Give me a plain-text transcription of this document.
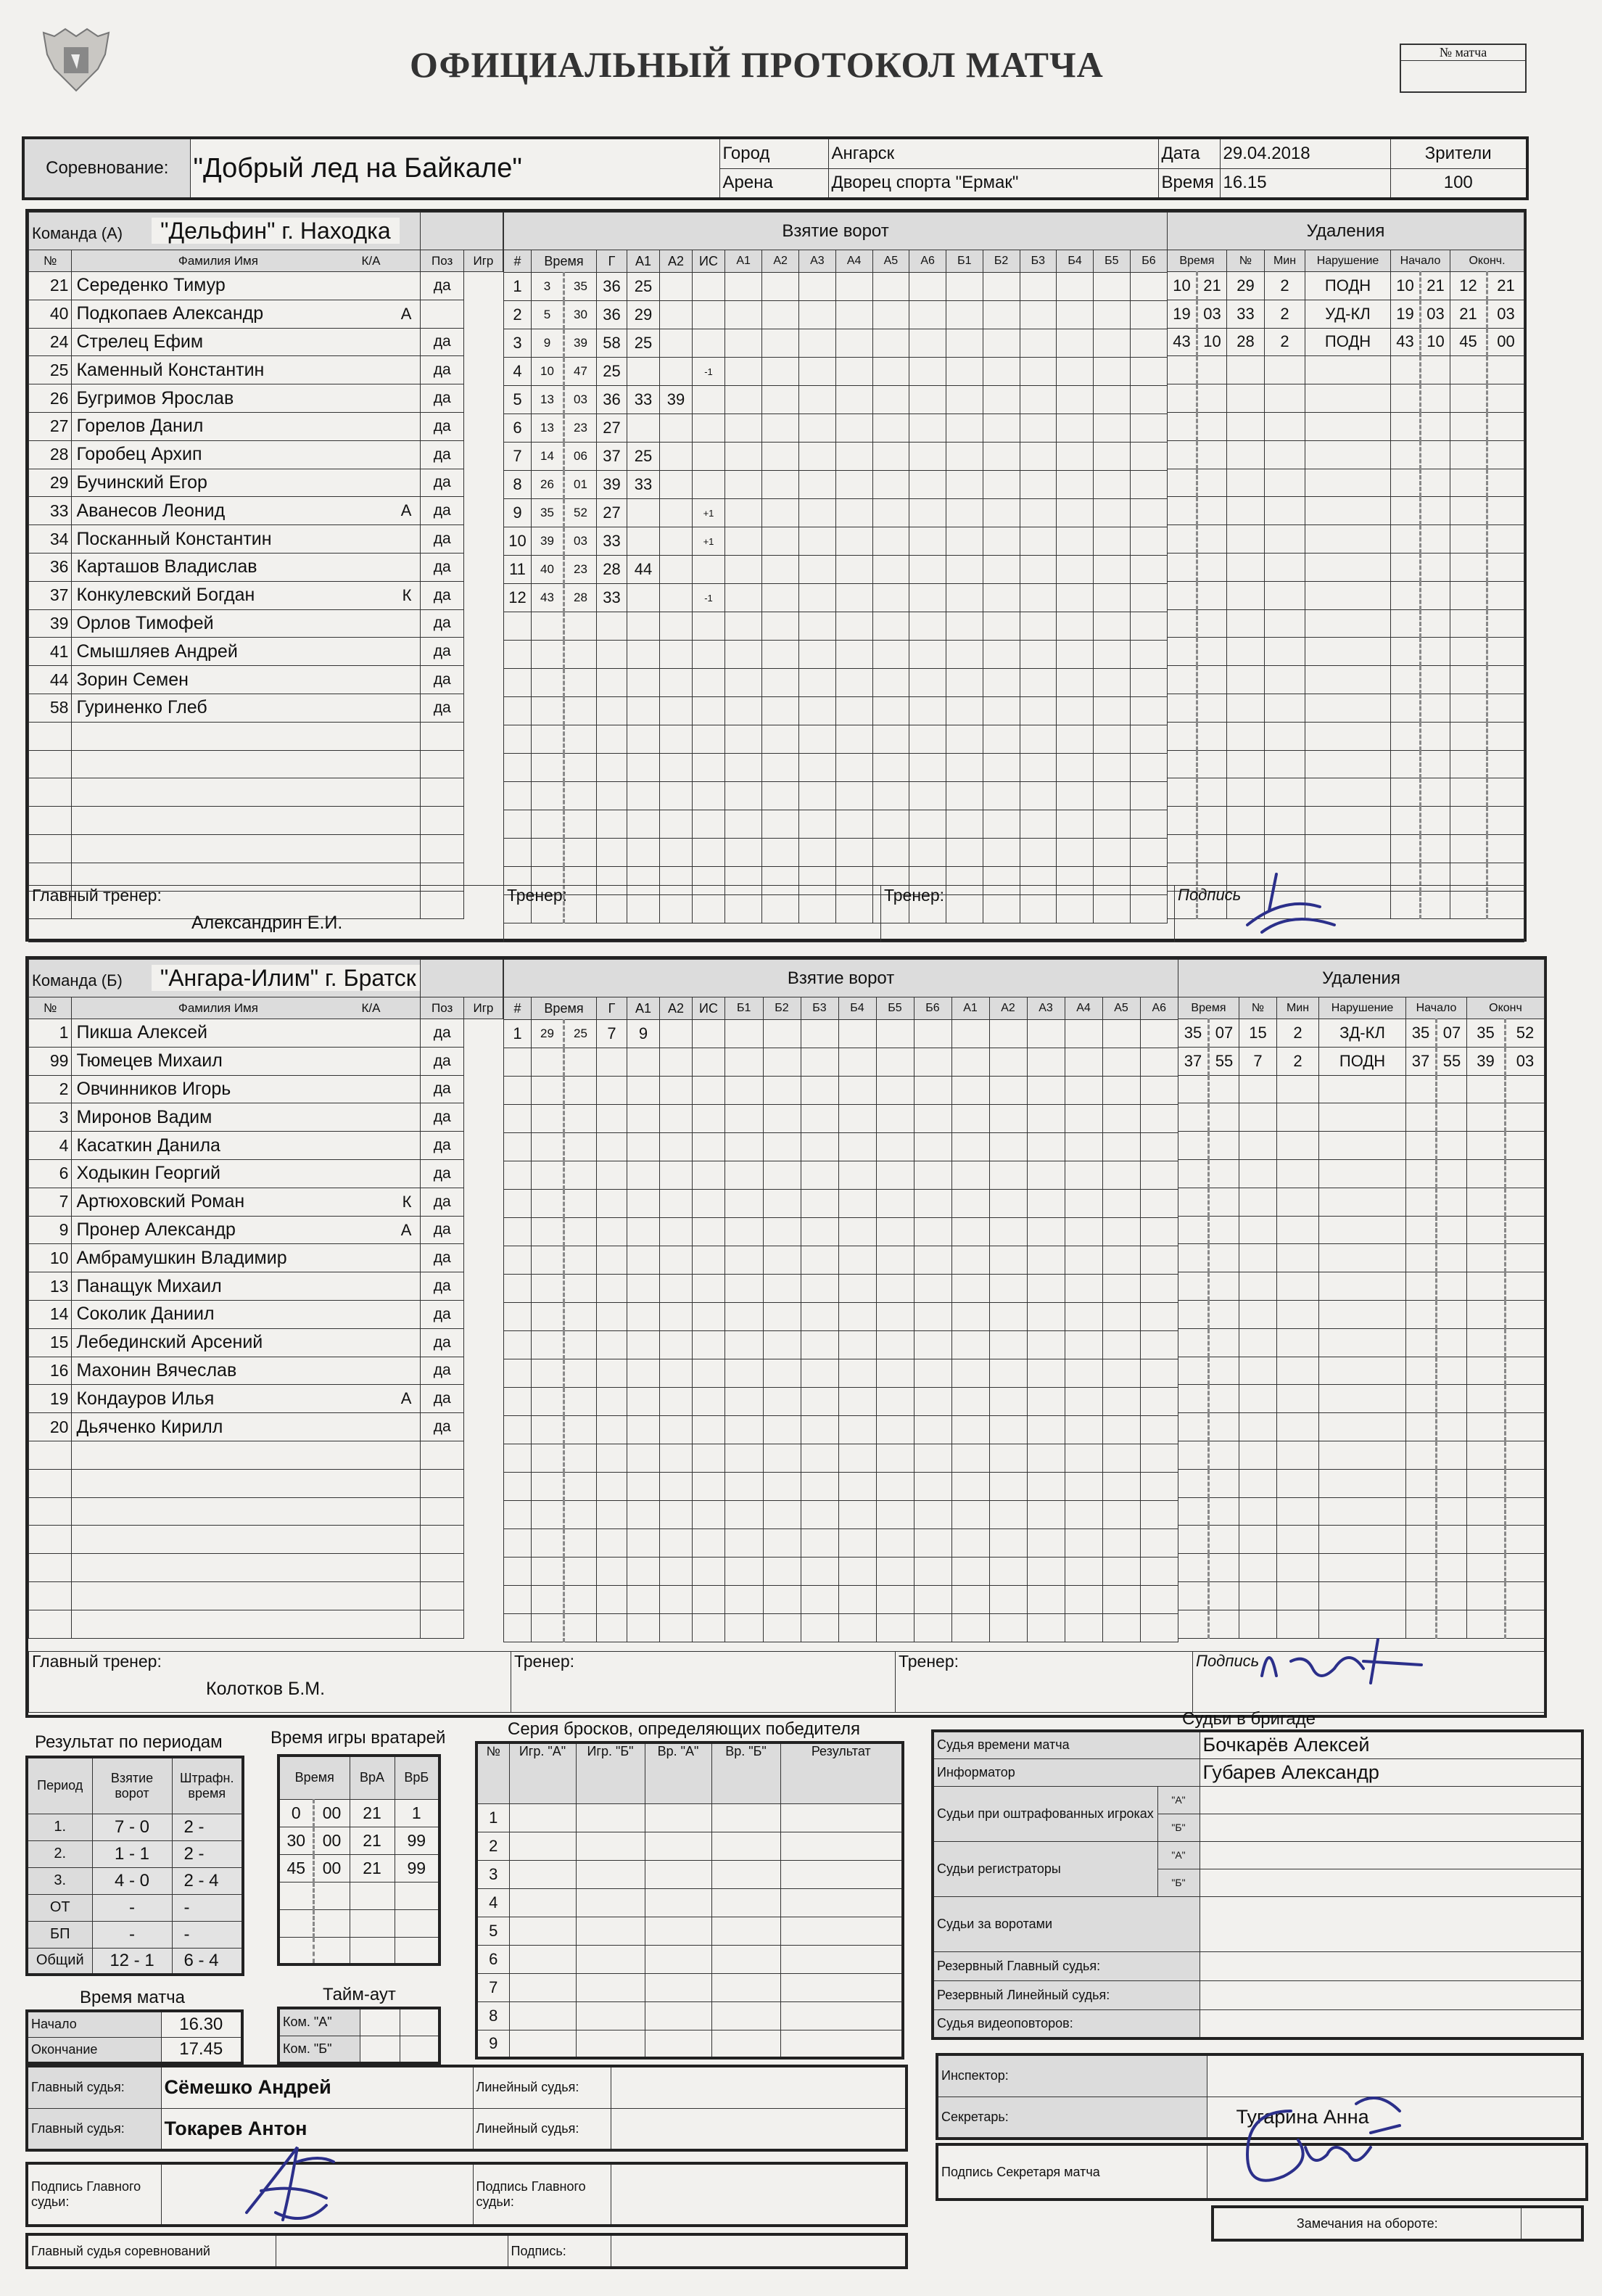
ОФИЦИАЛЬНЫЙ ПРОТОКОЛ МАТЧА	№ матча
Соревнование:	"Добрый лед на Байкале"	Город	Ангарск	Дата	29.04.2018	Зрители
		Арена	Дворец спорта "Ермак"	Время	16.15	100
Команда (А) "Дельфин" г. Находка			
№	Фамилия Имя К/А		Поз	Игр
21	Середенко Тимур		да	
40	Подкопаев Александр А

24	Стрелец Ефим		да	
25	Каменный Константин		да	
26	Бугримов Ярослав		да	
27	Горелов Данил		да	
28	Горобец Архип		да	
29	Бучинский Егор		да	
33	Аванесов Леонид А		да	
34	Посканный Константин		да	
36	Карташов Владислав		да	
37	Конкулевский Богдан К		да	
39	Орлов Тимофей		да	
41	Смышляев Андрей		да	
44	Зорин Семен		да	
58	Гуриненко Глеб		да	

Взятие ворот
#	Время	Г	А1	А2	ИС	А1	А2	А3	А4	А5	А6	Б1	Б2	Б3	Б4	Б5	Б6

1	3	35	36	25			

2	5	30	36	29			

3	9	39	58	25			

4	10	47	25			-1	

5	13	03	36	33	39		

6	13	23	27				

7	14	06	37	25			

8	26	01	39	33			

9	35	52	27			+1	

10	39	03	33			+1	

11	40	23	28	44			

12	43	28	33			-1	

Удаления								
Время		№	Мин	Нарушение	Начало		Оконч.	
10	21	29	2	ПОДН	10	21	12	21
19	03	33	2	УД-КЛ	19	03	21	03
43	10	28	2	ПОДН	43	10	45	00

Главный тренер:
Александрин Е.И.
	Тренер:	Тренер:	Подпись
Команда (Б) "Ангара-Илим" г. Братск			
№	Фамилия Имя К/А		Поз	Игр
1	Пикша Алексей		да	
99	Тюмецев Михаил		да	
2	Овчинников Игорь		да	
3	Миронов Вадим		да	
4	Касаткин Данила		да	
6	Ходыкин Георгий		да	
7	Артюховский Роман К		да	
9	Пронер Александр А		да	
10	Амбрамушкин Владимир		да	
13	Панащук Михаил		да	
14	Соколик Даниил		да	
15	Лебединский Арсений		да	
16	Махонин Вячеслав		да	
19	Кондауров Илья А		да	
20	Дьяченко Кирилл		да	

Взятие ворот
#	Время	Г	А1	А2	ИС	Б1	Б2	Б3	Б4	Б5	Б6	А1	А2	А3	А4	А5	А6

1	29	25	7	9			

Удаления								
Время		№	Мин	Нарушение	Начало		Оконч	
35	07	15	2	ЗД-КЛ	35	07	35	52
37	55	7	2	ПОДН	37	55	39	03

Главный тренер:
Колотков Б.М.
	Тренер:	Тренер:	Подпись
Результат по периодам
Период	Взятие ворот	Штрафн. время
1.	7 - 0	2 -
2.	1 - 1	2 -
3.	4 - 0	2 - 4
ОТ	-	-
БП	-	-
Общий	12 - 1	6 - 4
Время игры вратарей
Время		ВрА	ВрБ
0	00	21	1
30	00	21	99
45	00	21	99

Серия бросков, определяющих победителя
№	Игр. "А"	Игр. "Б"	Вр. "А"	Вр. "Б"	Результат
1					
2					
3					
4					
5					
6					
7					
8					
9					
Время матча
Начало	16.30
Окончание	17.45
Тайм-аут
Ком. "А"		
Ком. "Б"		
Судьи в бригаде
Судья времени матча		Бочкарёв Алексей
Информатор		Губарев Александр
Судьи при оштрафованных игроках	"А"	
	"Б"	
Судьи регистраторы	"А"	
	"Б"	
Судьи за воротами		
Резервный Главный судья:		
Резервный Линейный судья:		
Судья видеоповторов:		
Инспектор:	
Секретарь:	Тугарина Анна
Подпись Секретаря матча	
Замечания на обороте:	
Главный судья:	Сёмешко Андрей	Линейный судья:	
Главный судья:	Токарев Антон	Линейный судья:	
Подпись Главного судьи:		Подпись Главного судьи:	
Главный судья соревнований		Подпись:	
